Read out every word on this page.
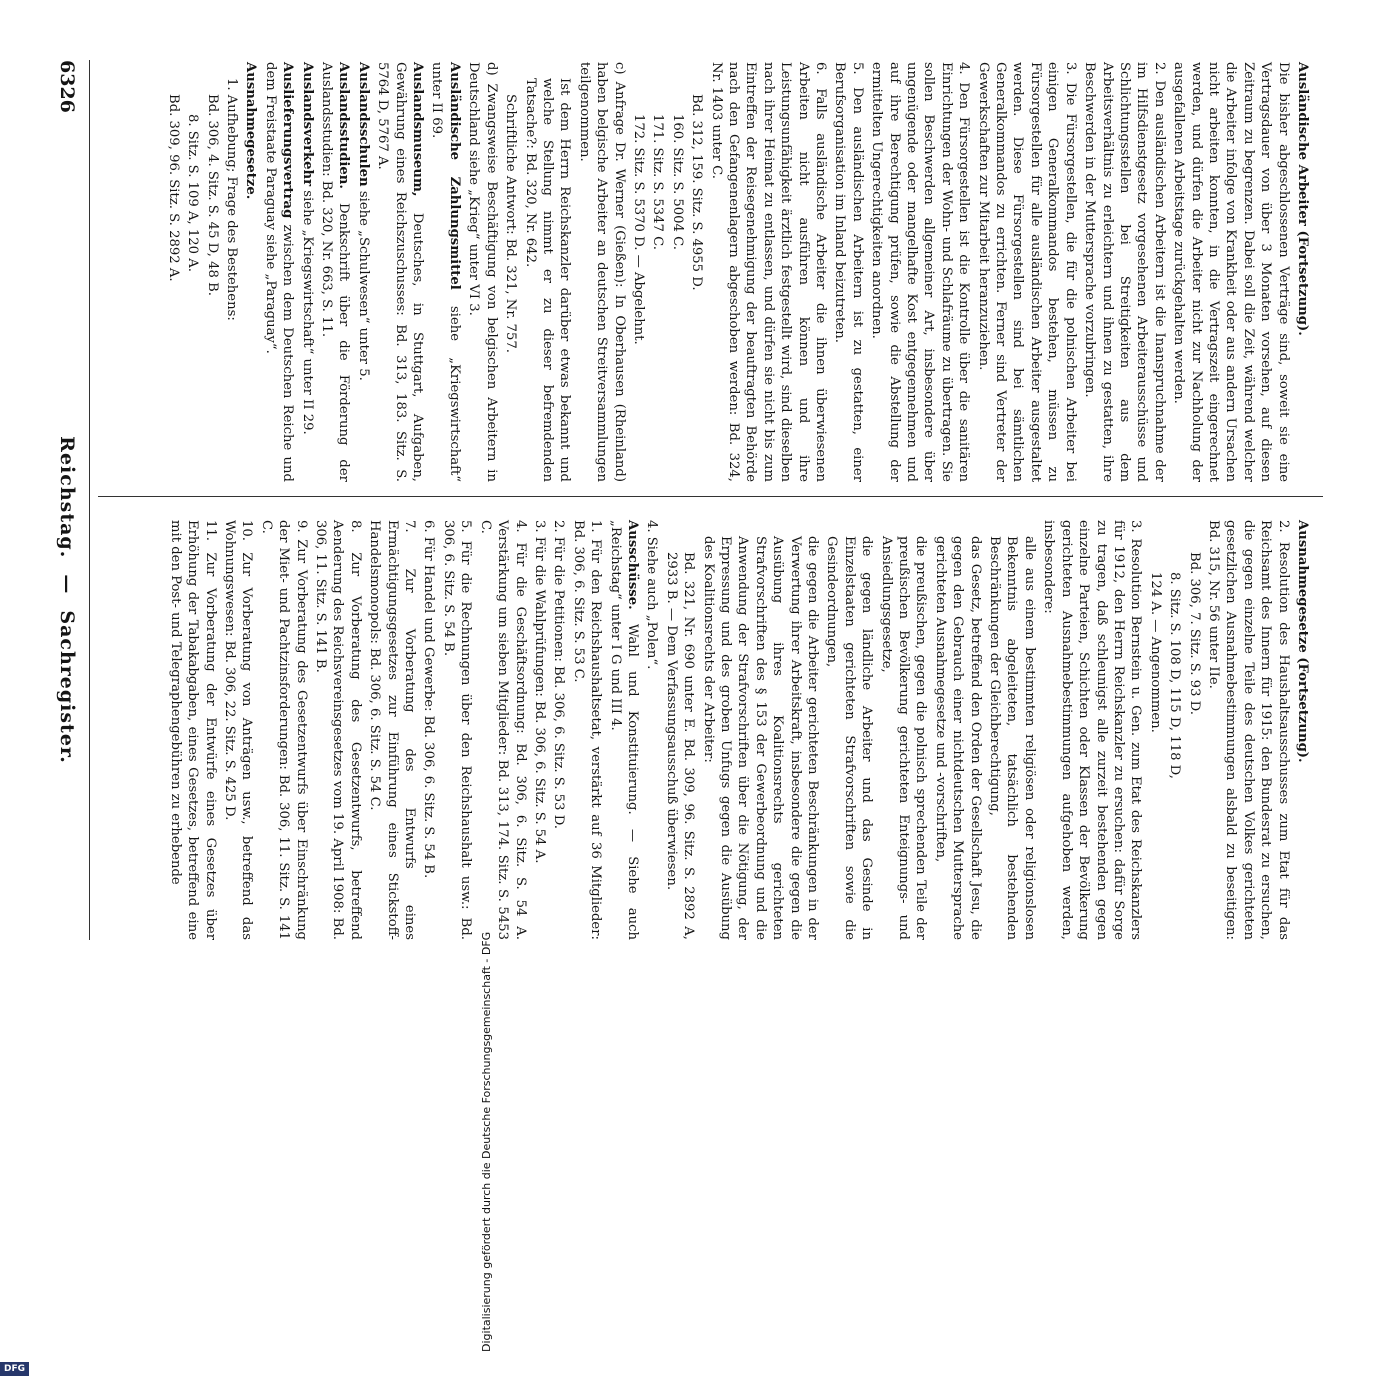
6326
Reichstag.—Sachregister.

Ausländische Arbeiter (Fortsetzung).

Die bisher abgeschlossenen Verträge sind, soweit sie eine Vertragsdauer von über 3 Monaten vorsehen, auf diesen Zeitraum zu begrenzen. Dabei soll die Zeit, während welcher die Arbeiter infolge von Krankheit oder aus andern Ursachen nicht arbeiten konnten, in die Vertragszeit eingerechnet werden, und dürfen die Arbeiter nicht zur Nachholung der ausgefallenen Arbeitstage zurückgehalten werden.

2. Den ausländischen Arbeitern ist die Inanspruchnahme der im Hilfsdienstgesetz vorgesehenen Arbeiterausschüsse und Schlichtungsstellen bei Streitigkeiten aus dem Arbeitsverhältnis zu erleichtern und ihnen zu gestatten, ihre Beschwerden in der Muttersprache vorzubringen.

3. Die Fürsorgestellen, die für die polnischen Arbeiter bei einigen Generalkommandos bestehen, müssen zu Fürsorgestellen für alle ausländischen Arbeiter ausgestaltet werden. Diese Fürsorgestellen sind bei sämtlichen Generalkommandos zu errichten. Ferner sind Vertreter der Gewerkschaften zur Mitarbeit heranzuziehen.

4. Den Fürsorgestellen ist die Kontrolle über die sanitären Einrichtungen der Wohn- und Schlafräume zu übertragen. Sie sollen Beschwerden allgemeiner Art, insbesondere über ungenügende oder mangelhafte Kost entgegennehmen und auf ihre Berechtigung prüfen, sowie die Abstellung der ermittelten Ungerechtigkeiten anordnen.

5. Den ausländischen Arbeitern ist zu gestatten, einer Berufsorganisation im Inland beizutreten.

6. Falls ausländische Arbeiter die ihnen überwiesenen Arbeiten nicht ausführen können und ihre Leistungsunfähigkeit ärztlich festgestellt wird, sind dieselben nach ihrer Heimat zu entlassen, und dürfen sie nicht bis zum Eintreffen der Reisegenehmigung der beauftragten Behörde nach den Gefangenenlagern abgeschoben werden: Bd. 324, Nr. 1403 unter C.

Bd. 312, 159. Sitz. S. 4955 D.

160. Sitz. S. 5004 C.

171. Sitz. S. 5347 C.

172. Sitz. S. 5370 D. — Abgelehnt.

c) Anfrage Dr. Werner (Gießen): In Oberhausen (Rheinland) haben belgische Arbeiter an deutschen Streitversammlungen teilgenommen.

Ist dem Herrn Reichskanzler darüber etwas bekannt und welche Stellung nimmt er zu dieser befremdenden Tatsache?: Bd. 320, Nr. 642.

Schriftliche Antwort: Bd. 321, Nr. 757.

d) Zwangsweise Beschäftigung von belgischen Arbeitern in Deutschland siehe „Krieg“ unter VI 3.

Ausländische Zahlungsmittel siehe „Kriegswirtschaft“ unter II 69.

Auslandsmuseum, Deutsches, in Stuttgart, Aufgaben, Gewährung eines Reichszuschusses: Bd. 313, 183. Sitz. S. 5764 D, 5767 A.

Auslandsschulen siehe „Schulwesen“ unter 5.

Auslandsstudien. Denkschrift über die Förderung der Auslandsstudien: Bd. 320, Nr. 663, S. 11.

Auslandsverkehr siehe „Kriegswirtschaft“ unter II 29.

Auslieferungsvertrag zwischen dem Deutschen Reiche und dem Freistaate Paraguay siehe „Paraguay“.

Ausnahmegesetze.

1. Aufhebung; Frage des Bestehens:

Bd. 306, 4. Sitz. S. 45 D, 48 B.

8. Sitz. S. 109 A, 120 A.

Bd. 309, 96. Sitz. S. 2892 A.

Ausnahmegesetze (Fortsetzung).

2. Resolution des Haushaltsausschusses zum Etat für das Reichsamt des Innern für 1915: den Bundesrat zu ersuchen, die gegen einzelne Teile des deutschen Volkes gerichteten gesetzlichen Ausnahmebestimmungen alsbald zu beseitigen: Bd. 315, Nr. 56 unter IIe.

Bd. 306, 7. Sitz. S. 93 D.

8. Sitz. S. 108 D, 115 D, 118 D,

124 A. — Angenommen.

3. Resolution Bernstein u. Gen. zum Etat des Reichskanzlers für 1912, den Herrn Reichskanzler zu ersuchen: dafür Sorge zu tragen, daß schleunigst alle zurzeit bestehenden gegen einzelne Parteien, Schichten oder Klassen der Bevölkerung gerichteten Ausnahmebestimmungen aufgehoben werden, insbesondere:

alle aus einem bestimmten religiösen oder religionslosen Bekenntnis abgeleiteten, tatsächlich bestehenden Beschränkungen der Gleichberechtigung,

das Gesetz, betreffend den Orden der Gesellschaft Jesu, die gegen den Gebrauch einer nichtdeutschen Muttersprache gerichteten Ausnahmegesetze und -vorschriften,

die preußischen, gegen die polnisch sprechenden Teile der preußischen Bevölkerung gerichteten Enteignungs- und Ansiedlungsgesetze,

die gegen ländliche Arbeiter und das Gesinde in Einzelstaaten gerichteten Strafvorschriften sowie die Gesindeordnungen,

die gegen die Arbeiter gerichteten Beschränkungen in der Verwertung ihrer Arbeitskraft, insbesondere die gegen die Ausübung ihres Koalitionsrechts gerichteten Strafvorschriften des § 153 der Gewerbeordnung und die Anwendung der Strafvorschriften über die Nötigung, der Erpressung und des groben Unfugs gegen die Ausübung des Koalitionsrechts der Arbeiter:

Bd. 321, Nr. 690 unter E. Bd. 309, 96. Sitz. S. 2892 A, 2933 B. — Dem Verfassungsausschuß überwiesen.

4. Siehe auch „Polen“.

Ausschüsse. Wahl und Konstituierung. — Siehe auch „Reichstag“ unter I G und III 4.

1. Für den Reichshaushaltsetat, verstärkt auf 36 Mitglieder: Bd. 306, 6. Sitz. S. 53 C.

2. Für die Petitionen: Bd. 306, 6. Sitz. S. 53 D.

3. Für die Wahlprüfungen: Bd. 306, 6. Sitz. S. 54 A.

4. Für die Geschäftsordnung: Bd. 306, 6. Sitz. S. 54 A. Verstärkung um sieben Mitglieder: Bd. 313, 174. Sitz. S. 5453 C.

5. Für die Rechnungen über den Reichshaushalt usw.: Bd. 306, 6. Sitz. S. 54 B.

6. Für Handel und Gewerbe: Bd. 306, 6. Sitz. S. 54 B.

7. Zur Vorberatung des Entwurfs eines Ermächtigungsgesetzes zur Einführung eines Stickstoff-Handelsmonopols: Bd. 306, 6. Sitz. S. 54 C.

8. Zur Vorberatung des Gesetzentwurfs, betreffend Aenderung des Reichsvereinsgesetzes vom 19. April 1908: Bd. 306, 11. Sitz. S. 141 B.

9. Zur Vorberatung des Gesetzentwurfs über Einschränkung der Miet- und Pachtzinsforderungen: Bd. 306, 11. Sitz. S. 141 C.

10. Zur Vorberatung von Anträgen usw., betreffend das Wohnungswesen: Bd. 306, 22. Sitz. S. 425 D.

11. Zur Vorberatung der Entwürfe eines Gesetzes über Erhöhung der Tabakabgaben, eines Gesetzes, betreffend eine mit den Post- und Telegraphengebühren zu erhebende

Digitalisierung gefördert durch die Deutsche Forschungsgemeinschaft - DFG
DFG
